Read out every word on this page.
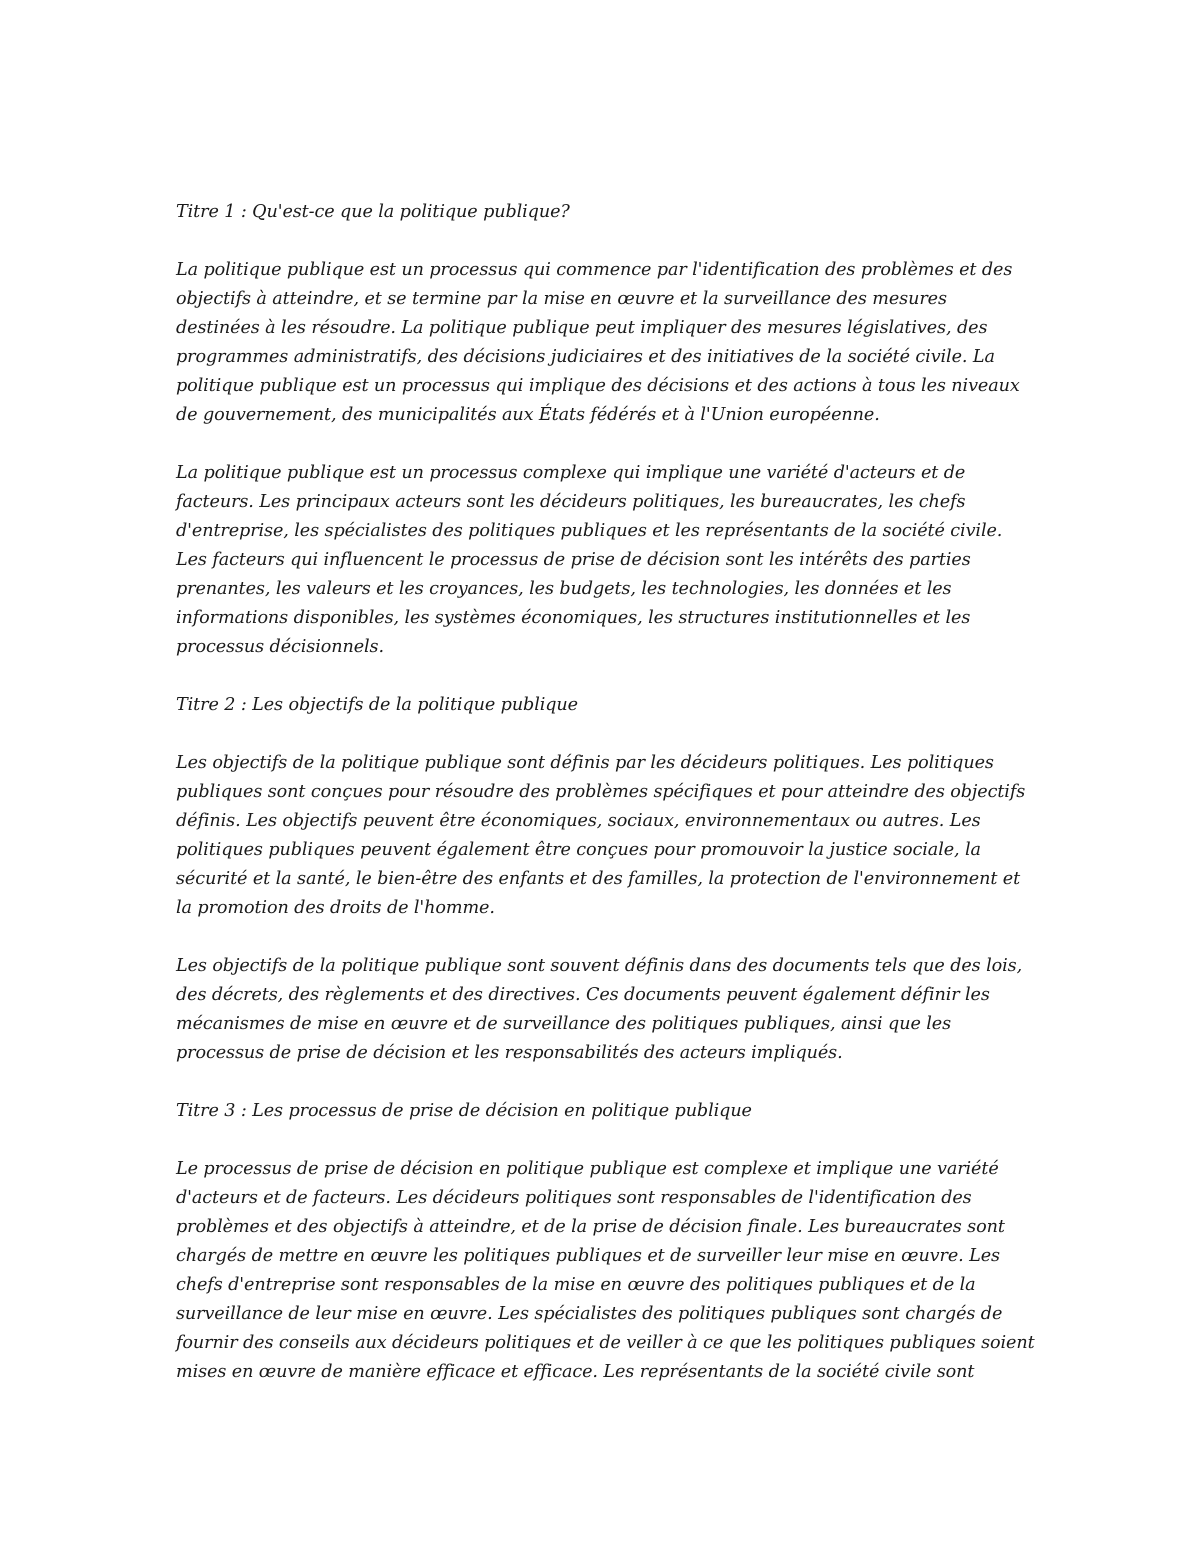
Titre 1 : Qu'est-ce que la politique publique?

La politique publique est un processus qui commence par l'identification des problèmes et des objectifs à atteindre, et se termine par la mise en œuvre et la surveillance des mesures destinées à les résoudre. La politique publique peut impliquer des mesures législatives, des programmes administratifs, des décisions judiciaires et des initiatives de la société civile. La politique publique est un processus qui implique des décisions et des actions à tous les niveaux de gouvernement, des municipalités aux États fédérés et à l'Union européenne.

La politique publique est un processus complexe qui implique une variété d'acteurs et de facteurs. Les principaux acteurs sont les décideurs politiques, les bureaucrates, les chefs d'entreprise, les spécialistes des politiques publiques et les représentants de la société civile. Les facteurs qui influencent le processus de prise de décision sont les intérêts des parties prenantes, les valeurs et les croyances, les budgets, les technologies, les données et les informations disponibles, les systèmes économiques, les structures institutionnelles et les processus décisionnels.

Titre 2 : Les objectifs de la politique publique

Les objectifs de la politique publique sont définis par les décideurs politiques. Les politiques publiques sont conçues pour résoudre des problèmes spécifiques et pour atteindre des objectifs définis. Les objectifs peuvent être économiques, sociaux, environnementaux ou autres. Les politiques publiques peuvent également être conçues pour promouvoir la justice sociale, la sécurité et la santé, le bien-être des enfants et des familles, la protection de l'environnement et la promotion des droits de l'homme.

Les objectifs de la politique publique sont souvent définis dans des documents tels que des lois, des décrets, des règlements et des directives. Ces documents peuvent également définir les mécanismes de mise en œuvre et de surveillance des politiques publiques, ainsi que les processus de prise de décision et les responsabilités des acteurs impliqués.

Titre 3 : Les processus de prise de décision en politique publique

Le processus de prise de décision en politique publique est complexe et implique une variété d'acteurs et de facteurs. Les décideurs politiques sont responsables de l'identification des problèmes et des objectifs à atteindre, et de la prise de décision finale. Les bureaucrates sont chargés de mettre en œuvre les politiques publiques et de surveiller leur mise en œuvre. Les chefs d'entreprise sont responsables de la mise en œuvre des politiques publiques et de la surveillance de leur mise en œuvre. Les spécialistes des politiques publiques sont chargés de fournir des conseils aux décideurs politiques et de veiller à ce que les politiques publiques soient mises en œuvre de manière efficace et efficace. Les représentants de la société civile sont
